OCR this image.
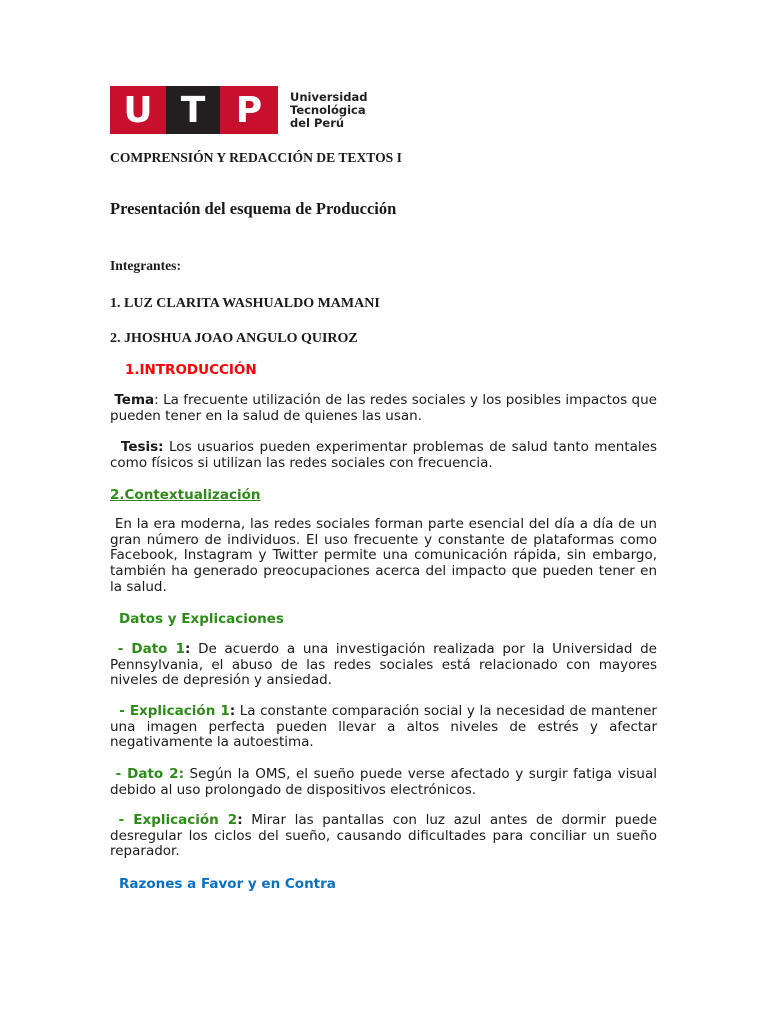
U T P Universidad
Tecnológica
del Perú
COMPRENSIÓN Y REDACCIÓN DE TEXTOS I
Presentación del esquema de Producción
Integrantes:
1. LUZ CLARITA WASHUALDO MAMANI
2. JHOSHUA JOAO ANGULO QUIROZ
1.INTRODUCCIÓN
Tema: La frecuente utilización de las redes sociales y los posibles impactos que pueden tener en la salud de quienes las usan.
Tesis: Los usuarios pueden experimentar problemas de salud tanto mentales como físicos si utilizan las redes sociales con frecuencia.
2.Contextualización
En la era moderna, las redes sociales forman parte esencial del día a día de un gran número de individuos. El uso frecuente y constante de plataformas como Facebook, Instagram y Twitter permite una comunicación rápida, sin embargo, también ha generado preocupaciones acerca del impacto que pueden tener en la salud.
Datos y Explicaciones
- Dato 1: De acuerdo a una investigación realizada por la Universidad de Pennsylvania, el abuso de las redes sociales está relacionado con mayores niveles de depresión y ansiedad.
- Explicación 1: La constante comparación social y la necesidad de mantener una imagen perfecta pueden llevar a altos niveles de estrés y afectar negativamente la autoestima.
- Dato 2: Según la OMS, el sueño puede verse afectado y surgir fatiga visual debido al uso prolongado de dispositivos electrónicos.
- Explicación 2: Mirar las pantallas con luz azul antes de dormir puede desregular los ciclos del sueño, causando dificultades para conciliar un sueño reparador.
Razones a Favor y en Contra
